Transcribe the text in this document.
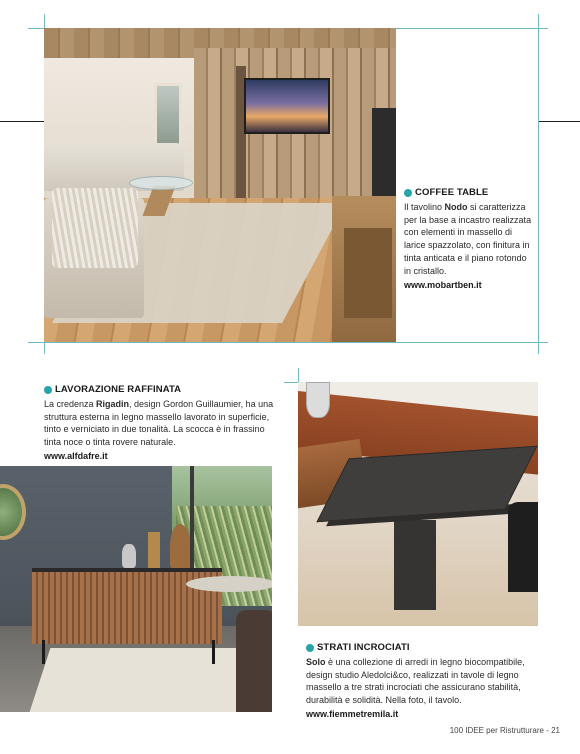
COFFEE TABLE

Il tavolino Nodo si caratterizza per la base a incastro realizzata con elementi in massello di larice spazzolato, con finitura in tinta anticata e il piano rotondo in cristallo.

www.mobartben.it
LAVORAZIONE RAFFINATA

La credenza Rigadin, design Gordon Guillaumier, ha una struttura esterna in legno massello lavorato in superficie, tinto e verniciato in due tonalità. La scocca è in frassino tinta noce o tinta rovere naturale.

www.alfdafre.it
STRATI INCROCIATI

Solo è una collezione di arredi in legno biocompatibile, design studio Aledolci&co, realizzati in tavole di legno massello a tre strati incrociati che assicurano stabilità, durabilità e solidità. Nella foto, il tavolo.

www.fiemmetremila.it
100 IDEE per Ristrutturare - 21
